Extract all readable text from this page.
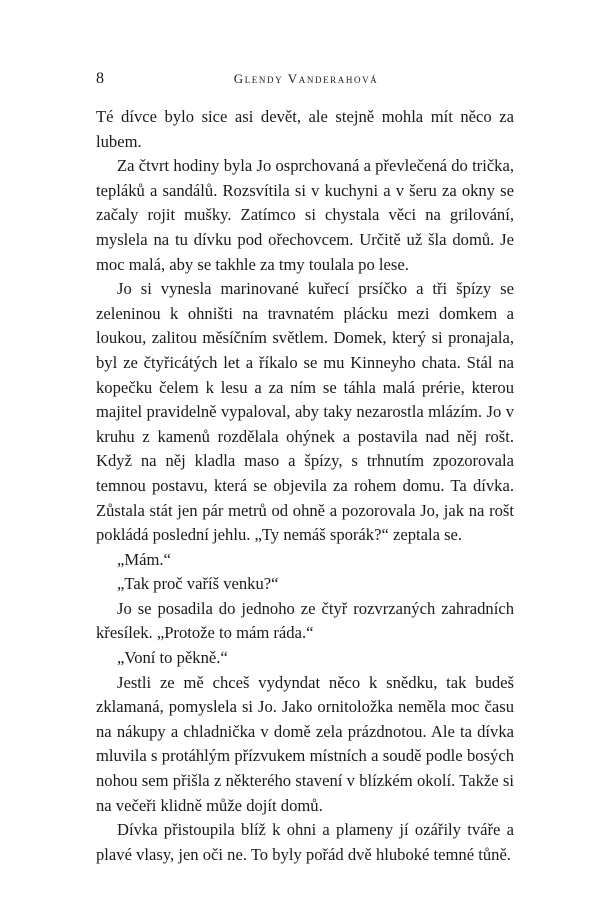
8	Glendy Vanderahová

Té dívce bylo sice asi devět, ale stejně mohla mít něco za lubem.

Za čtvrt hodiny byla Jo osprchovaná a převlečená do trička, tepláků a sandálů. Rozsvítila si v kuchyni a v šeru za okny se začaly rojit mušky. Zatímco si chystala věci na grilování, myslela na tu dívku pod ořechovcem. Určitě už šla domů. Je moc malá, aby se takhle za tmy toulala po lese.

Jo si vynesla marinované kuřecí prsíčko a tři špízy se zeleninou k ohništi na travnatém plácku mezi domkem a loukou, zalitou měsíčním světlem. Domek, který si pronajala, byl ze čtyřicátých let a říkalo se mu Kinneyho chata. Stál na kopečku čelem k lesu a za ním se táhla malá prérie, kterou majitel pravidelně vypaloval, aby taky nezarostla mlázím. Jo v kruhu z kamenů rozdělala ohýnek a postavila nad něj rošt. Když na něj kladla maso a špízy, s trhnutím zpozorovala temnou postavu, která se objevila za rohem domu. Ta dívka. Zůstala stát jen pár metrů od ohně a pozorovala Jo, jak na rošt pokládá poslední jehlu. „Ty nemáš sporák?“ zeptala se.

„Mám.“

„Tak proč vaříš venku?“

Jo se posadila do jednoho ze čtyř rozvrzaných zahradních křesílek. „Protože to mám ráda.“

„Voní to pěkně.“

Jestli ze mě chceš vydyndat něco k snědku, tak budeš zklamaná, pomyslela si Jo. Jako ornitoložka neměla moc času na nákupy a chladnička v domě zela prázdnotou. Ale ta dívka mluvila s protáhlým přízvukem místních a soudě podle bosých nohou sem přišla z některého stavení v blízkém okolí. Takže si na večeři klidně může dojít domů.

Dívka přistoupila blíž k ohni a plameny jí ozářily tváře a plavé vlasy, jen oči ne. To byly pořád dvě hluboké temné tůně.
